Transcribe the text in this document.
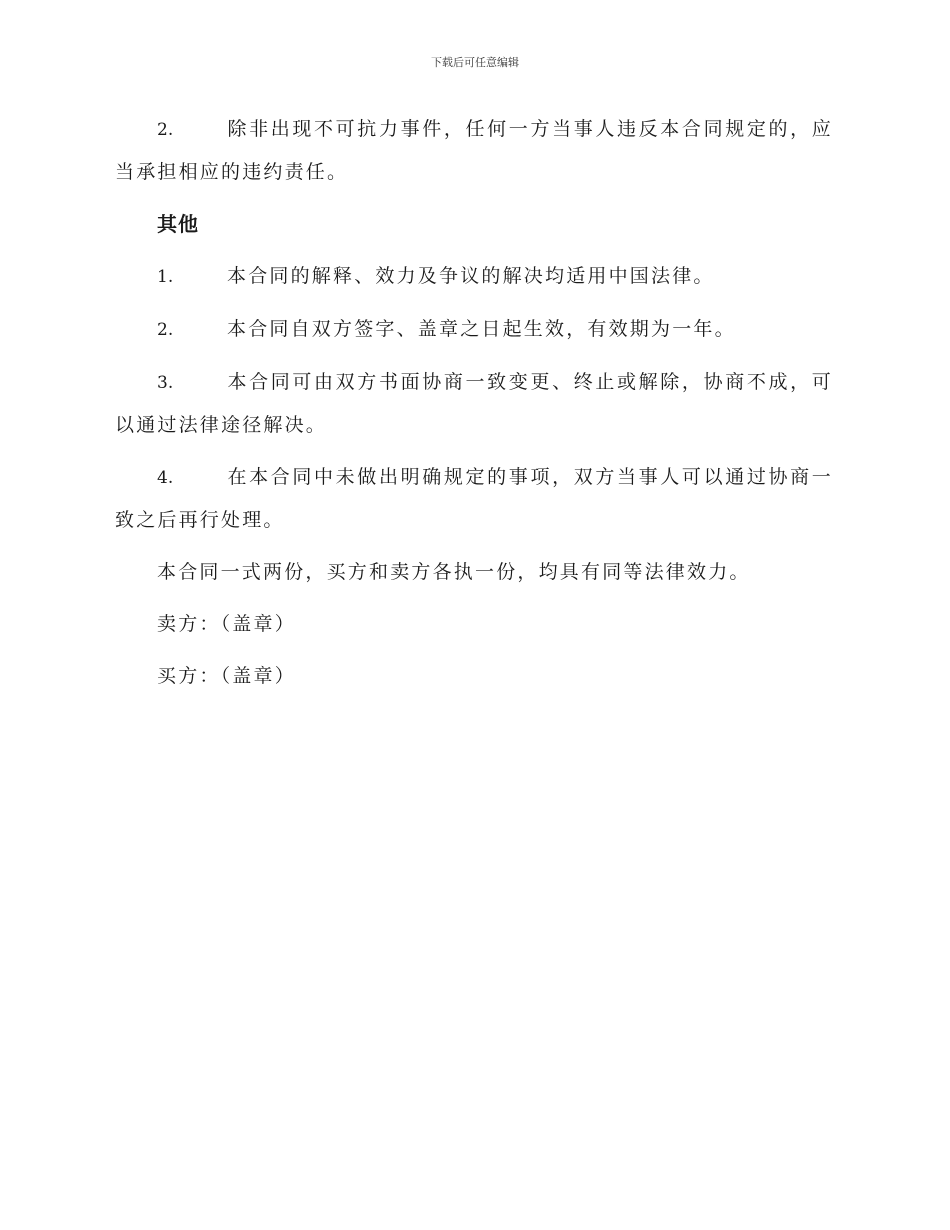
下载后可任意编辑

2.	除非出现不可抗力事件，任何一方当事人违反本合同规定的，应当承担相应的违约责任。

其他

1.	本合同的解释、效力及争议的解决均适用中国法律。

2.	本合同自双方签字、盖章之日起生效，有效期为一年。

3.	本合同可由双方书面协商一致变更、终止或解除，协商不成，可以通过法律途径解决。

4.	在本合同中未做出明确规定的事项，双方当事人可以通过协商一致之后再行处理。

本合同一式两份，买方和卖方各执一份，均具有同等法律效力。

卖方：（盖章）

买方：（盖章）
